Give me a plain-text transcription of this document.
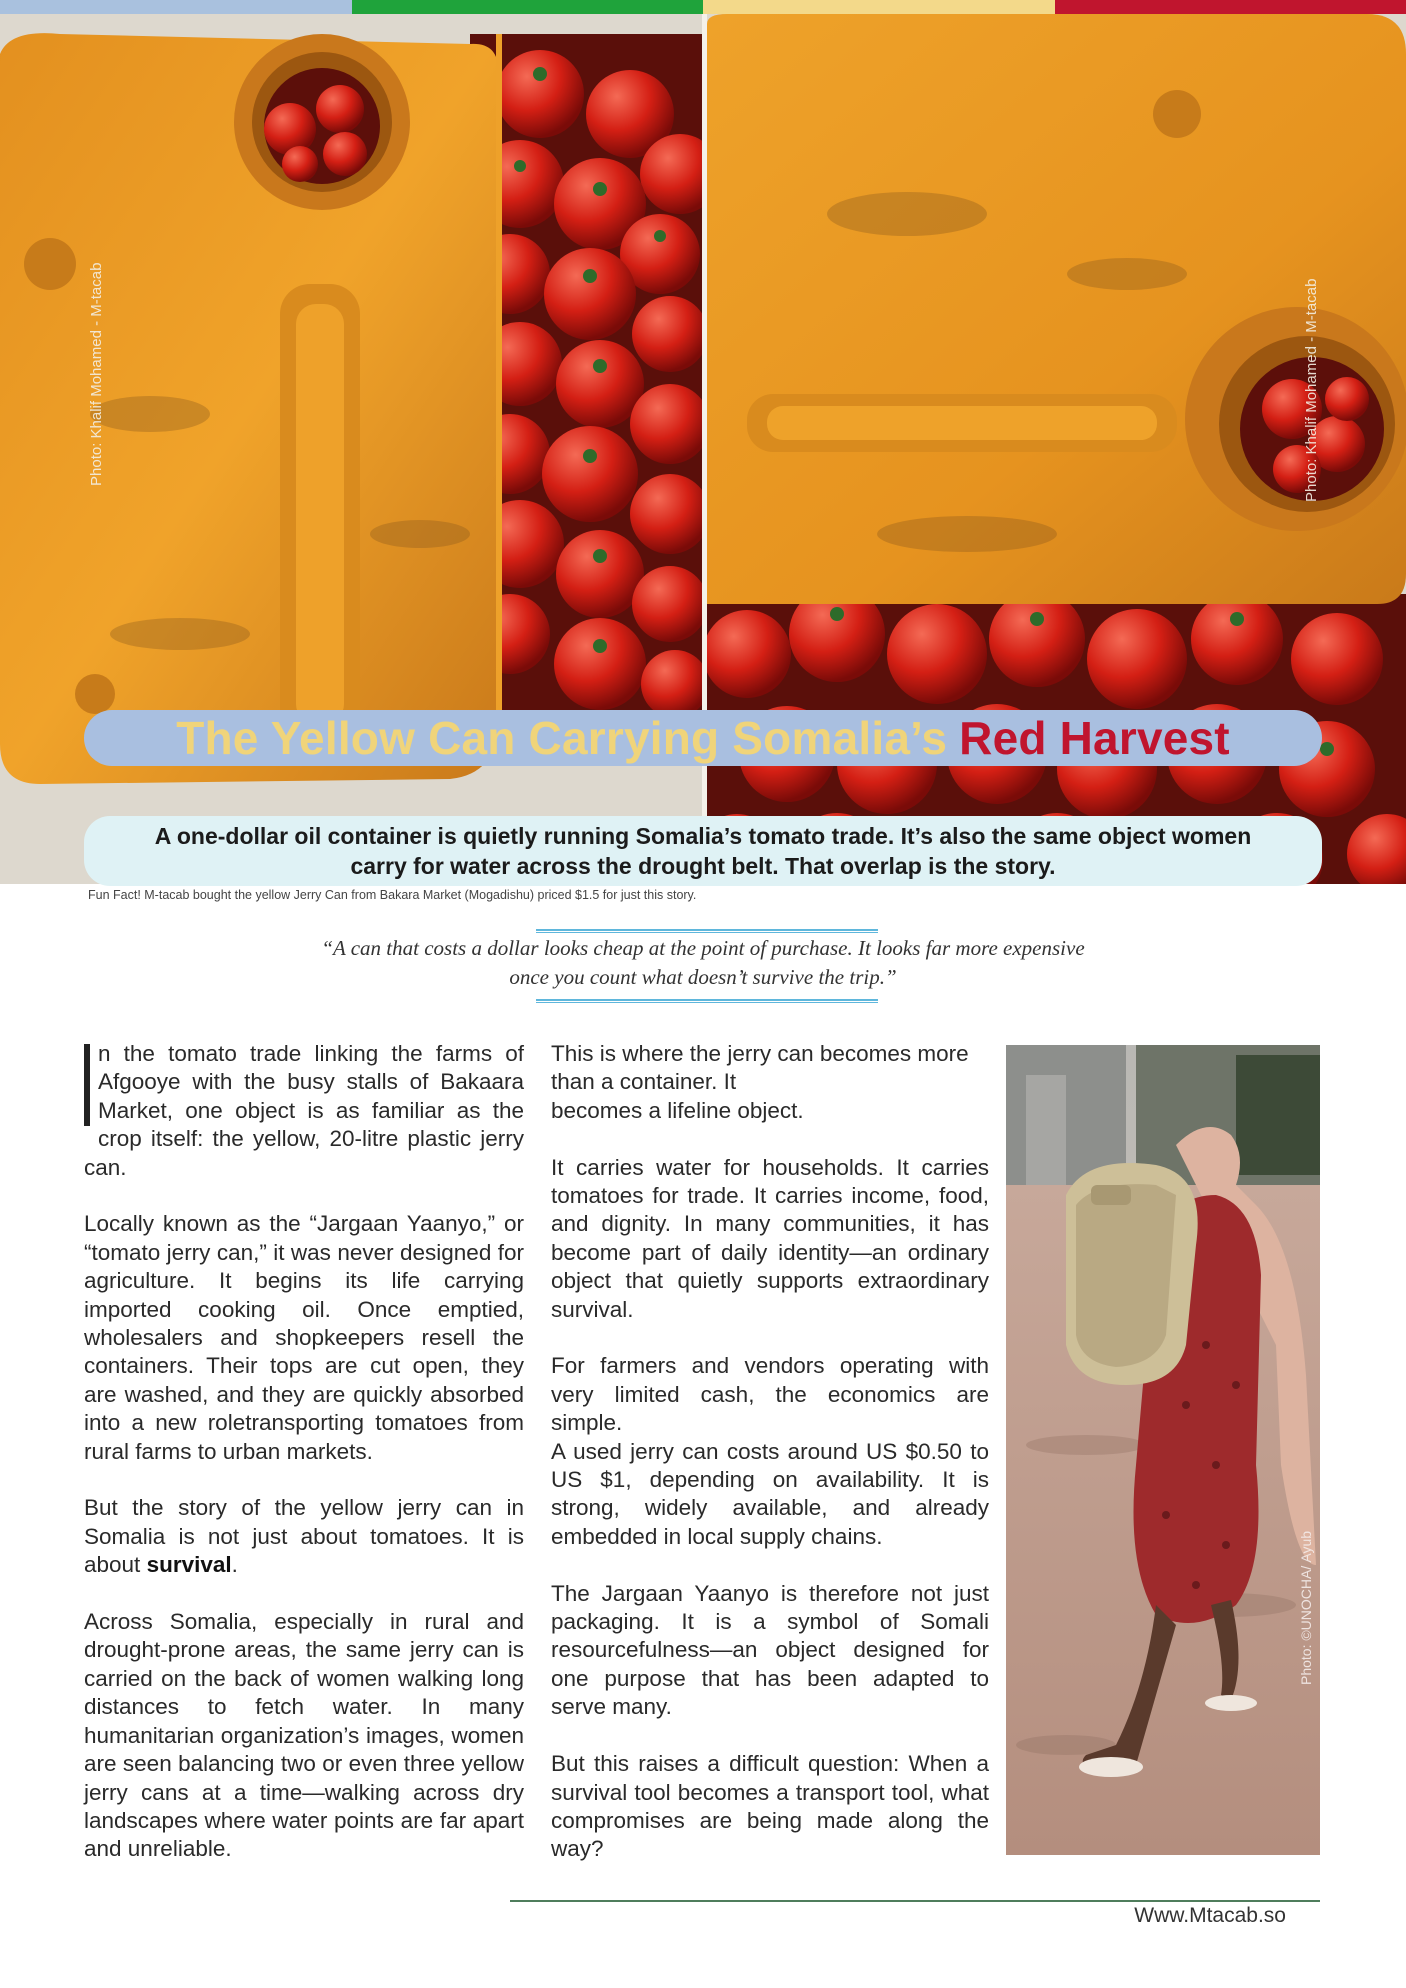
Photo: Khalif Mohamed - M-tacab	Photo: Khalif Mohamed - M-tacab
The Yellow Can Carrying Somalia’s Red Harvest
A one-dollar oil container is quietly running Somalia’s tomato trade. It’s also the same object women carry for water across the drought belt. That overlap is the story.
Fun Fact! M-tacab bought the yellow Jerry Can from Bakara Market (Mogadishu) priced $1.5 for just this story.
“A can that costs a dollar looks cheap at the point of purchase. It looks far more expensive once you count what doesn’t survive the trip.”

n the tomato trade linking the farms of Afgooye with the busy stalls of Bakaara Market, one object is as familiar as the crop itself: the yellow, 20-litre plastic jerry can.

Locally known as the “Jargaan Yaanyo,” or “tomato jerry can,” it was never designed for agriculture. It begins its life carrying imported cooking oil. Once emptied, wholesalers and shopkeepers resell the containers. Their tops are cut open, they are washed, and they are quickly absorbed into a new roletransporting tomatoes from rural farms to urban markets.

But the story of the yellow jerry can in Somalia is not just about tomatoes. It is about survival.

Across Somalia, especially in rural and drought-prone areas, the same jerry can is carried on the back of women walking long distances to fetch water. In many humanitarian organization’s images, women are seen balancing two or even three yellow jerry cans at a time—walking across dry landscapes where water points are far apart and unreliable.

This is where the jerry can becomes more than a container. It
becomes a lifeline object.

It carries water for households. It carries tomatoes for trade. It carries income, food, and dignity. In many communities, it has become part of daily identity—an ordinary object that quietly supports extraordinary survival.

For farmers and vendors operating with very limited cash, the economics are simple.
A used jerry can costs around US $0.50 to US $1, depending on availability. It is strong, widely available, and already embedded in local supply chains.

The Jargaan Yaanyo is therefore not just packaging. It is a symbol of Somali resourcefulness—an object designed for one purpose that has been adapted to serve many.

But this raises a difficult question: When a survival tool becomes a transport tool, what compromises are being made along the way?

Photo: ©UNOCHA/ Ayub
Www.Mtacab.so
